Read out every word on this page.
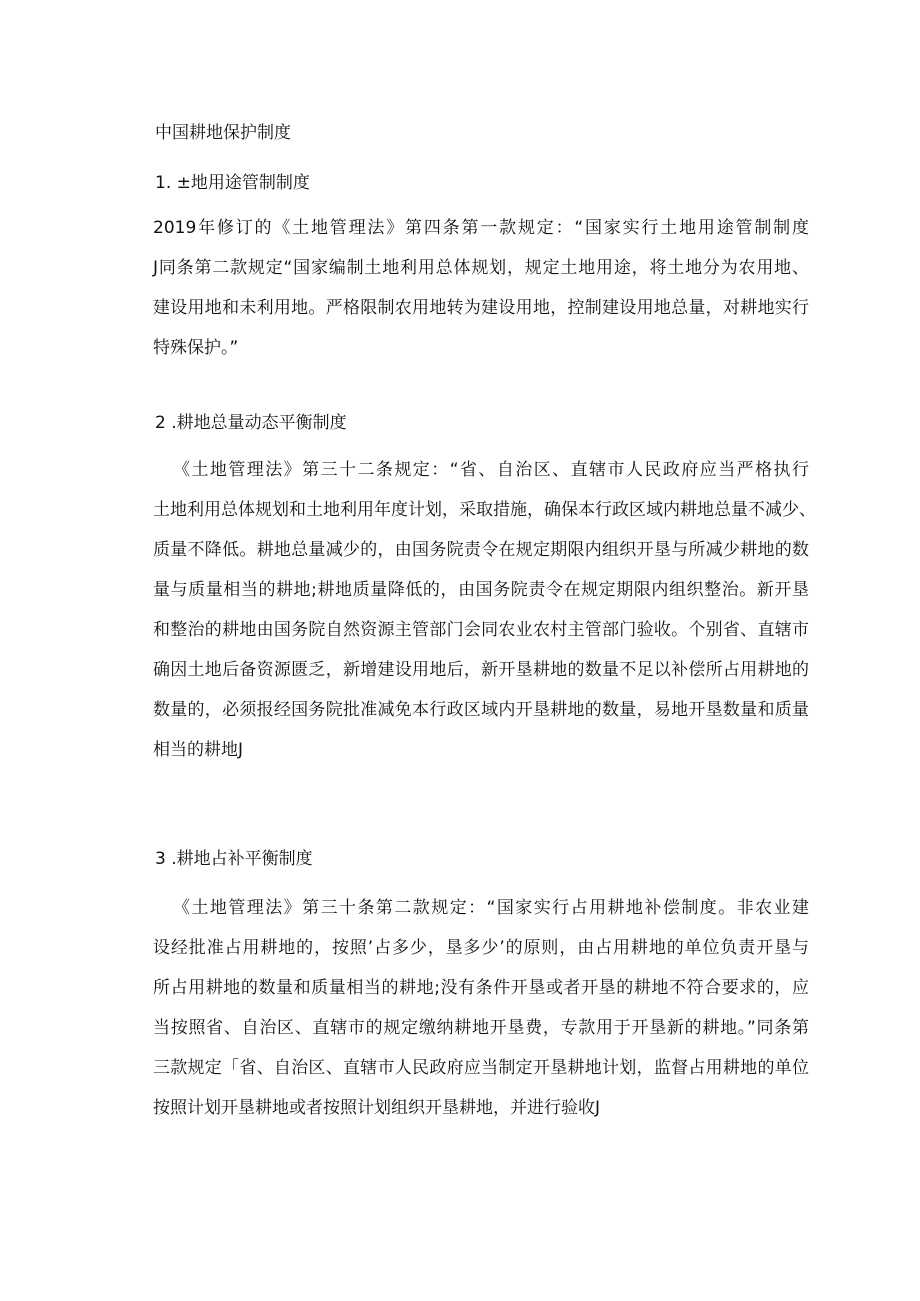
中国耕地保护制度
1. ±地用途管制制度
2019年修订的《土地管理法》第四条第一款规定：“国家实行土地用途管制制度
J同条第二款规定“国家编制土地利用总体规划，规定土地用途，将土地分为农用地、
建设用地和未利用地。严格限制农用地转为建设用地，控制建设用地总量，对耕地实行
特殊保护。”
2 .耕地总量动态平衡制度
《土地管理法》第三十二条规定：“省、自治区、直辖市人民政府应当严格执行
土地利用总体规划和土地利用年度计划，采取措施，确保本行政区域内耕地总量不减少、
质量不降低。耕地总量减少的，由国务院责令在规定期限内组织开垦与所减少耕地的数
量与质量相当的耕地;耕地质量降低的，由国务院责令在规定期限内组织整治。新开垦
和整治的耕地由国务院自然资源主管部门会同农业农村主管部门验收。个别省、直辖市
确因土地后备资源匮乏，新增建设用地后，新开垦耕地的数量不足以补偿所占用耕地的
数量的，必须报经国务院批准减免本行政区域内开垦耕地的数量，易地开垦数量和质量
相当的耕地J
3 .耕地占补平衡制度
《土地管理法》第三十条第二款规定：“国家实行占用耕地补偿制度。非农业建
设经批准占用耕地的，按照’占多少，垦多少’的原则，由占用耕地的单位负责开垦与
所占用耕地的数量和质量相当的耕地;没有条件开垦或者开垦的耕地不符合要求的，应
当按照省、自治区、直辖市的规定缴纳耕地开垦费，专款用于开垦新的耕地。”同条第
三款规定「省、自治区、直辖市人民政府应当制定开垦耕地计划，监督占用耕地的单位
按照计划开垦耕地或者按照计划组织开垦耕地，并进行验收J
